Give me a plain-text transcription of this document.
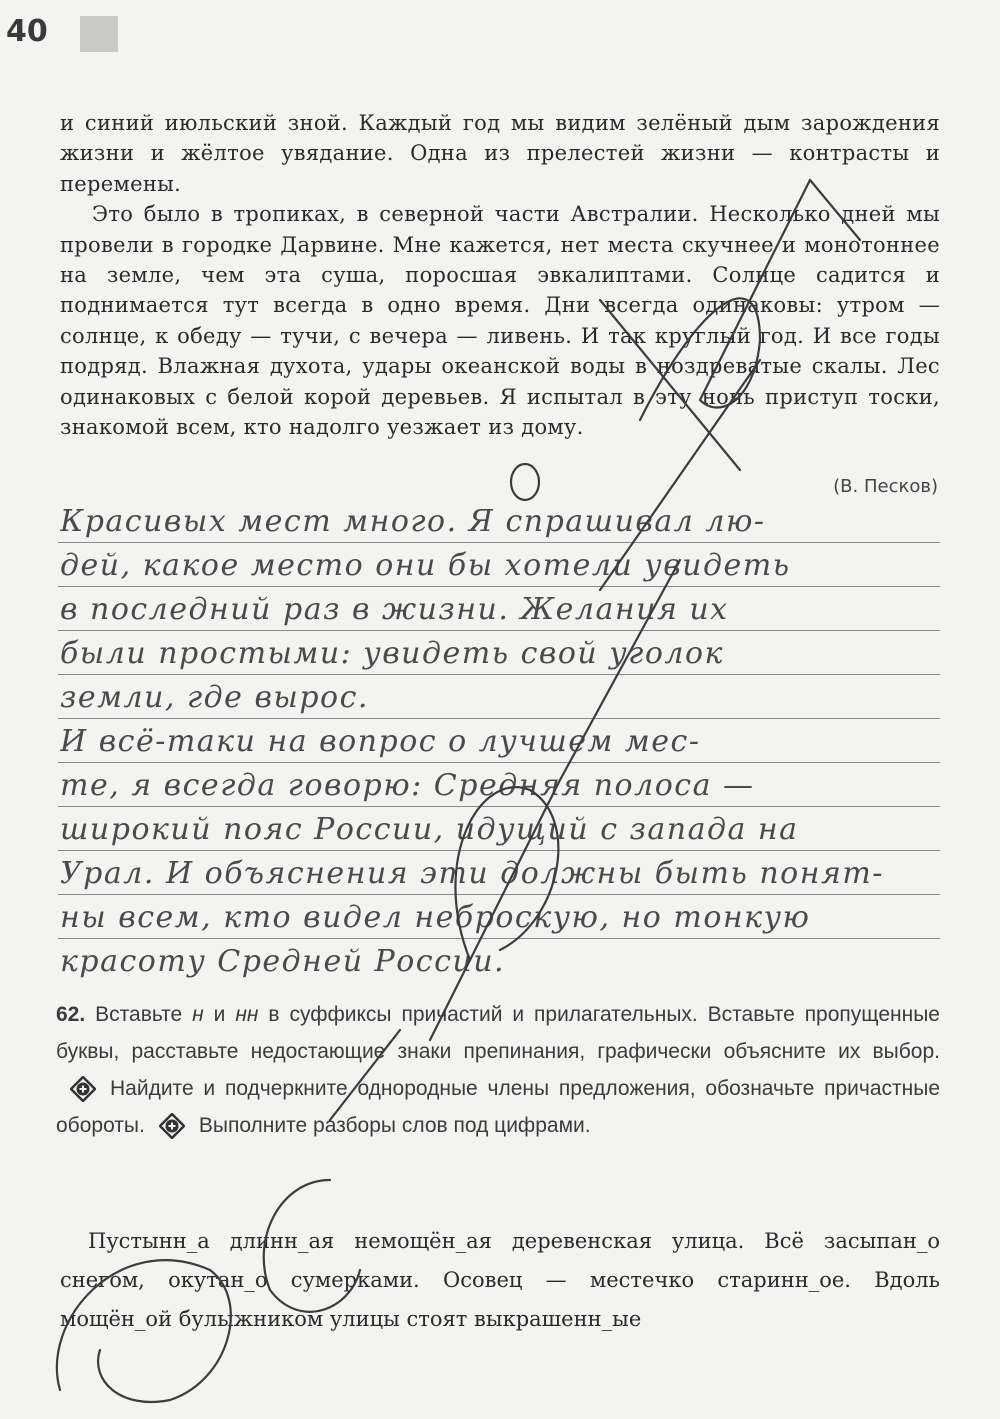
40

и синий июльский зной. Каждый год мы видим зелёный дым зарождения жизни и жёлтое увядание. Одна из прелестей жизни — контрасты и перемены.

Это было в тропиках, в северной части Австралии. Несколько дней мы провели в городке Дарвине. Мне кажется, нет места скучнее и монотоннее на земле, чем эта суша, поросшая эвкалиптами. Солнце садится и поднимается тут всегда в одно время. Дни всегда одинаковы: утром — солнце, к обеду — тучи, с вечера — ливень. И так круглый год. И все годы подряд. Влажная духота, удары океанской воды в ноздреватые скалы. Лес одинаковых с белой корой деревьев. Я испытал в эту ночь приступ тоски, знакомой всем, кто надолго уезжает из дому.

(В. Песков)
Красивых мест много. Я спрашивал лю-
дей, какое место они бы хотели увидеть
в последний раз в жизни. Желания их
были простыми: увидеть свой уголок
земли, где вырос.
И всё-таки на вопрос о лучшем мес-
те, я всегда говорю: Средняя полоса —
широкий пояс России, идущий с запада на
Урал. И объяснения эти должны быть понят-
ны всем, кто видел неброскую, но тонкую
красоту Средней России.

62. Вставьте н и нн в суффиксы причастий и прилагательных. Вставьте пропущенные буквы, расставьте недостающие знаки препинания, графически объясните их выбор.Найдите и подчеркните однородные члены предложения, обозначьте причастные обороты.	Выполните разборы слов под цифрами.

Пустынн_а длинн_ая немощён_ая деревенская улица. Всё засыпан_о снегом, окутан_о сумерками. Осовец — местечко старинн_ое. Вдоль мощён_ой булыжником улицы стоят выкрашенн_ые
